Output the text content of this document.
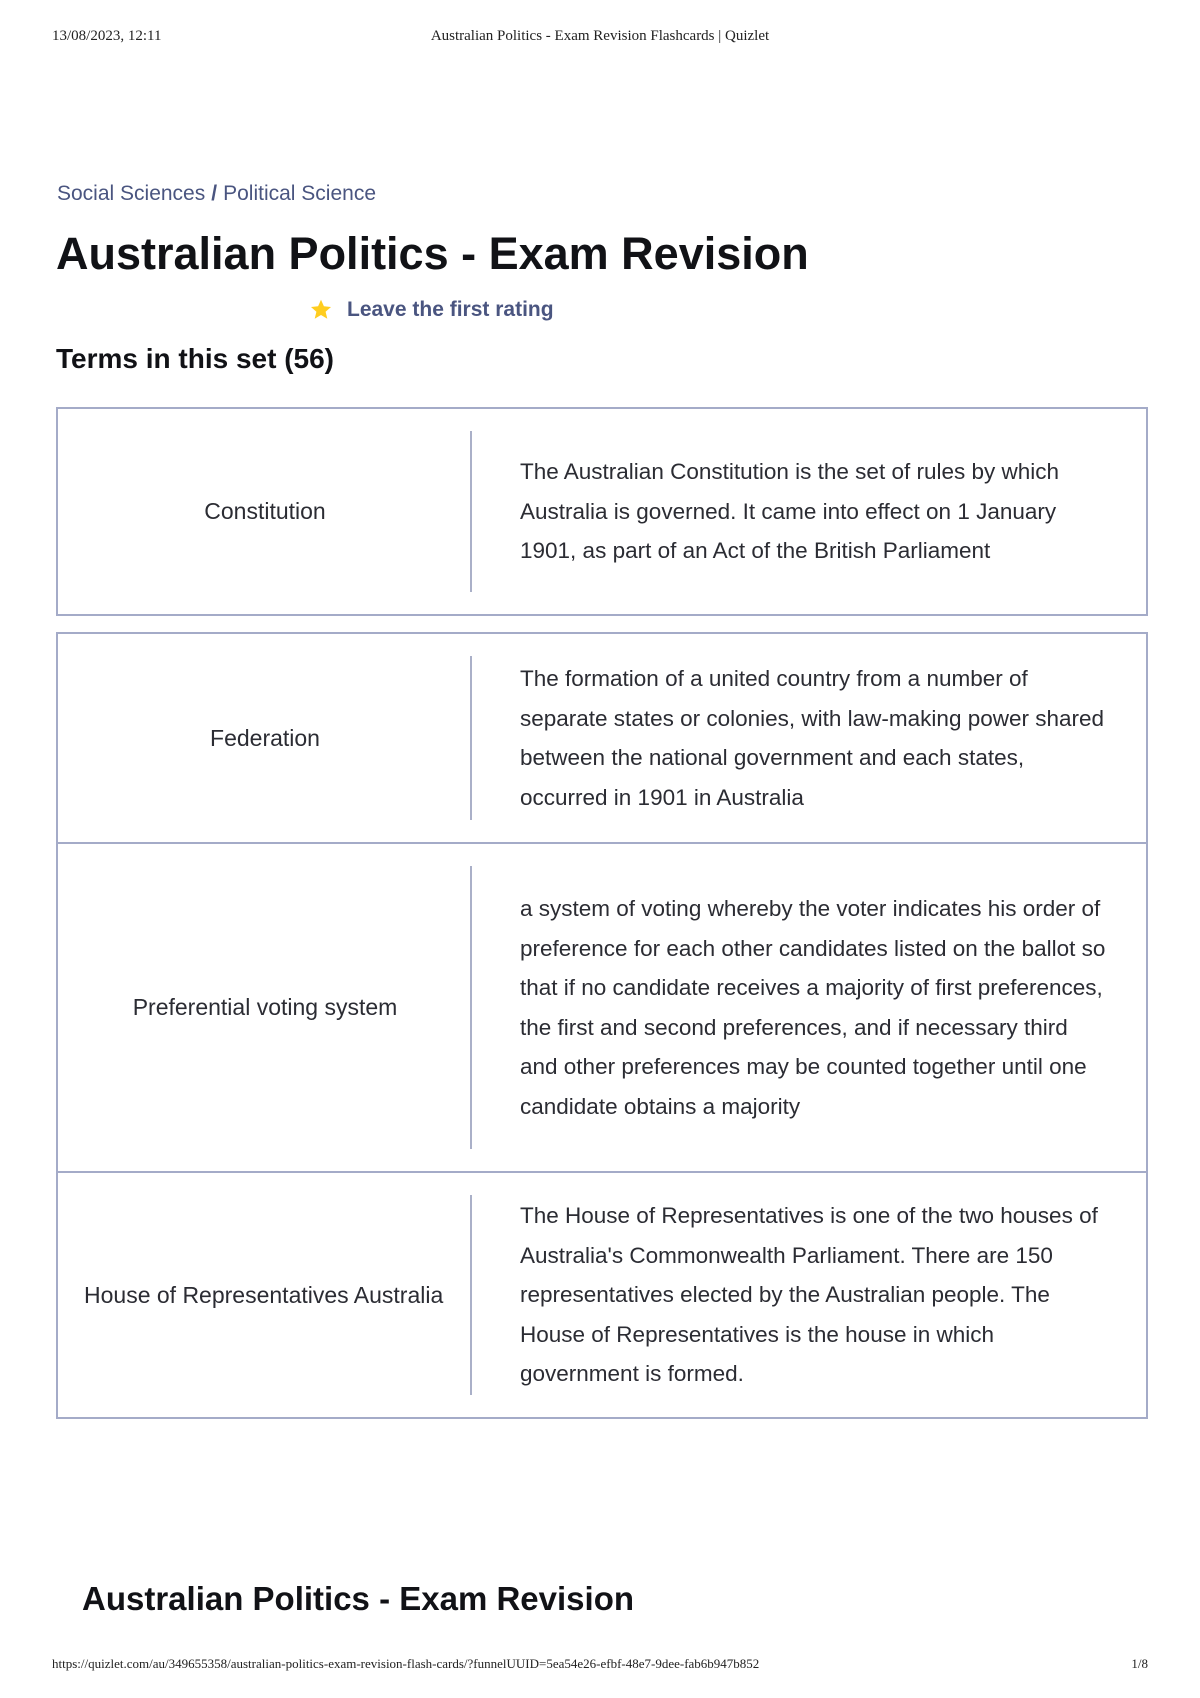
13/08/2023, 12:11	Australian Politics - Exam Revision Flashcards | Quizlet
Social Sciences / Political Science
Australian Politics - Exam Revision
Leave the first rating
Terms in this set (56)
Constitution
The Australian Constitution is the set of rules by which Australia is governed. It came into effect on 1 January 1901, as part of an Act of the British Parliament
Federation
The formation of a united country from a number of separate states or colonies, with law-making power shared between the national government and each states, occurred in 1901 in Australia
Preferential voting system
a system of voting whereby the voter indicates his order of preference for each other candidates listed on the ballot so that if no candidate receives a majority of first preferences, the first and second preferences, and if necessary third and other preferences may be counted together until one candidate obtains a majority
House of Representatives Australia
The House of Representatives is one of the two houses of Australia's Commonwealth Parliament. There are 150 representatives elected by the Australian people. The House of Representatives is the house in which government is formed.
Australian Politics - Exam Revision
https://quizlet.com/au/349655358/australian-politics-exam-revision-flash-cards/?funnelUUID=5ea54e26-efbf-48e7-9dee-fab6b947b852	1/8
